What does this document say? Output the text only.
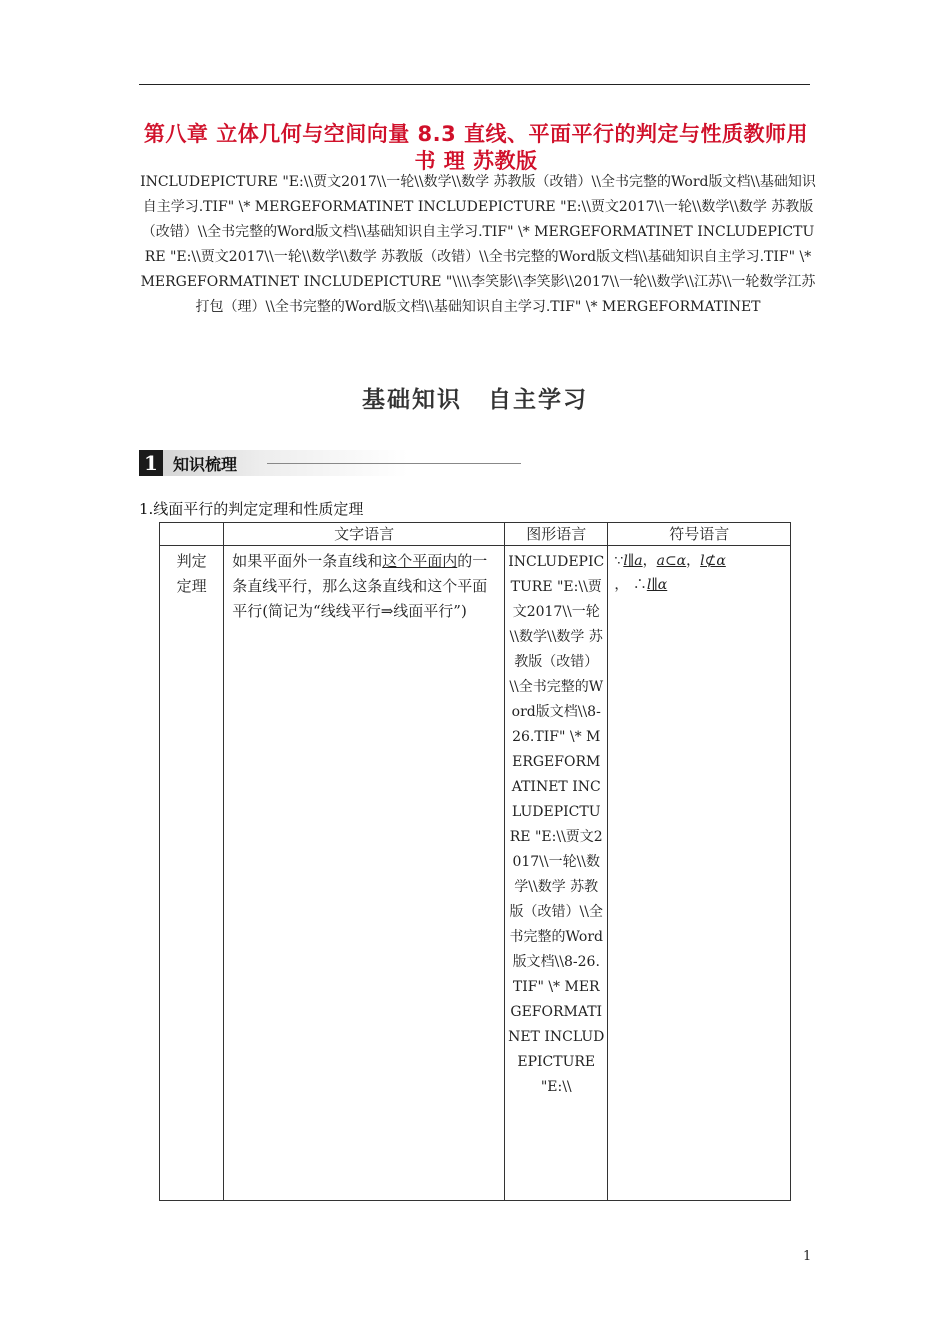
第八章 立体几何与空间向量 8.3 直线、平面平行的判定与性质教师用书 理 苏教版
INCLUDEPICTURE "E:\\贾文2017\\一轮\\数学\\数学 苏教版（改错）\\全书完整的Word版文档\\基础知识自主学习.TIF" \* MERGEFORMATINET INCLUDEPICTURE "E:\\贾文2017\\一轮\\数学\\数学 苏教版（改错）\\全书完整的Word版文档\\基础知识自主学习.TIF" \* MERGEFORMATINET INCLUDEPICTURE "E:\\贾文2017\\一轮\\数学\\数学 苏教版（改错）\\全书完整的Word版文档\\基础知识自主学习.TIF" \* MERGEFORMATINET INCLUDEPICTURE "\\\\李笑影\\李笑影\\2017\\一轮\\数学\\江苏\\一轮数学江苏打包（理）\\全书完整的Word版文档\\基础知识自主学习.TIF" \* MERGEFORMATINET
基础知识 自主学习
1 知识梳理
1.线面平行的判定定理和性质定理
	文字语言	图形语言	符号语言

判定定理	如果平面外一条直线和这个平面内的一条直线平行，那么这条直线和这个平面平行(简记为“线线平行⇒线面平行”)	INCLUDEPICTURE "E:\\贾文2017\\一轮\\数学\\数学 苏教版（改错）\\全书完整的Word版文档\\8-26.TIF" \* MERGEFORMATINET INCLUDEPICTURE "E:\\贾文2017\\一轮\\数学\\数学 苏教版（改错）\\全书完整的Word版文档\\8-26.TIF" \* MERGEFORMATINET INCLUDEPICTURE "E:\\	∵l∥a，a⊂α，l⊄α
， ∴l∥α
1
